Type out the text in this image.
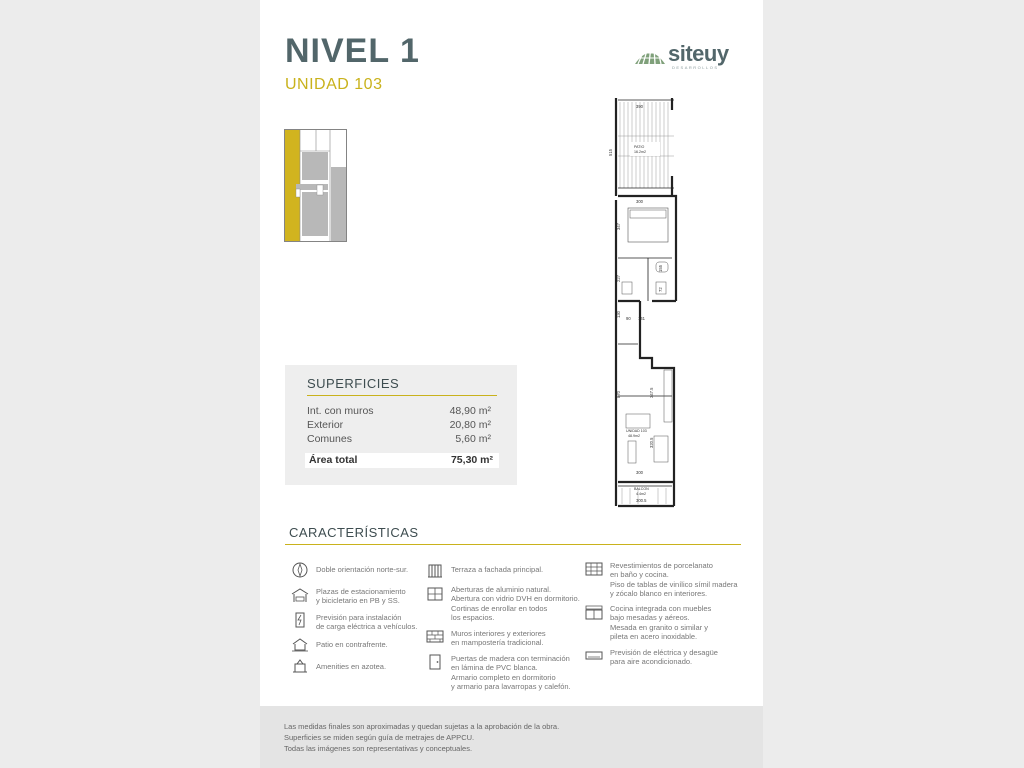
NIVEL 1
UNIDAD 103
siteuy
DESARROLLOS
390
300
347
227
141
300
300.5
320.5
347.5
155
72
90
130
870
515
PATIO
16.2m2
UNIDAD 103
48.9m2
BALCON
4.4m2
SUPERFICIES
Int. con muros	48,90 m²
Exterior	20,80 m²
Comunes	5,60 m²
Área total	75,30 m²
CARACTERÍSTICAS
Doble orientación norte-sur.
Plazas de estacionamiento
y bicicletario en PB y SS.
Previsión para instalación
de carga eléctrica a vehículos.
Patio en contrafrente.
Amenities en azotea.
Terraza a fachada principal.
Aberturas de aluminio natural.
Abertura con vidrio DVH en dormitorio.
Cortinas de enrollar en todos
los espacios.
Muros interiores y exteriores
en mampostería tradicional.
Puertas de madera con terminación
en lámina de PVC blanca.
Armario completo en dormitorio
y armario para lavarropas y calefón.
Revestimientos de porcelanato
en baño y cocina.
Piso de tablas de vinílico símil madera
y zócalo blanco en interiores.
Cocina integrada con muebles
bajo mesadas y aéreos.
Mesada en granito o similar y
pileta en acero inoxidable.
Previsión de eléctrica y desagüe
para aire acondicionado.
Las medidas finales son aproximadas y quedan sujetas a la aprobación de la obra.
Superficies se miden según guía de metrajes de APPCU.
Todas las imágenes son representativas y conceptuales.
